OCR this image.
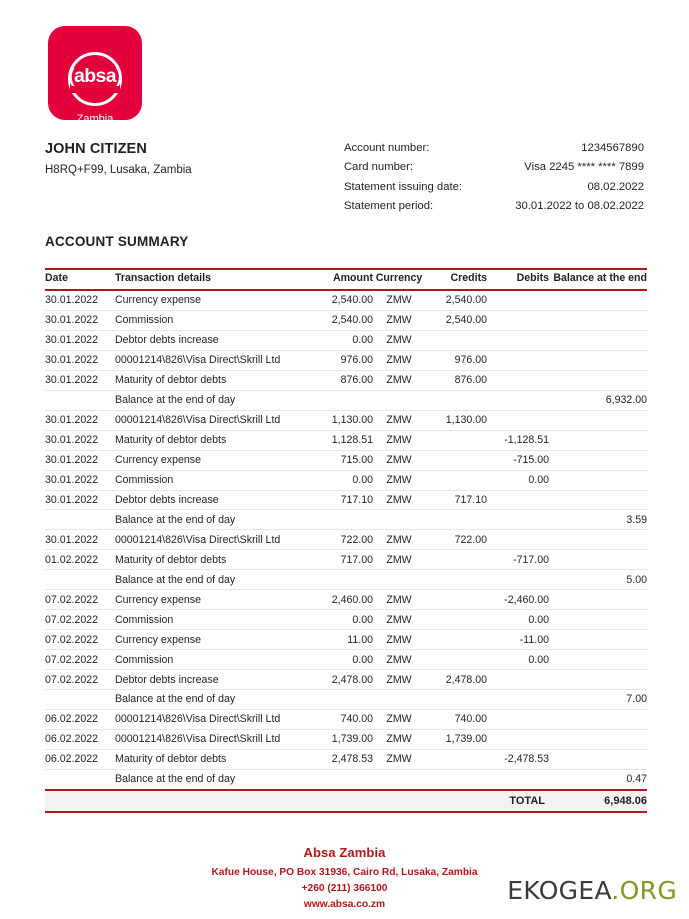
(absa)
Zambia
JOHN CITIZEN
H8RQ+F99, Lusaka, Zambia
Account number:	1234567890
Card number:	Visa 2245 **** **** 7899
Statement issuing date:	08.02.2022
Statement period:	30.01.2022 to 08.02.2022
ACCOUNT SUMMARY
Date	Transaction details	Amount	Currency	Credits	Debits	Balance at the end
30.01.2022	Currency expense	2,540.00	ZMW	2,540.00		
30.01.2022	Commission	2,540.00	ZMW	2,540.00		
30.01.2022	Debtor debts increase	0.00	ZMW			
30.01.2022	00001214\826\Visa Direct\Skrill Ltd	976.00	ZMW	976.00		
30.01.2022	Maturity of debtor debts	876.00	ZMW	876.00		
	Balance at the end of day					6,932.00
30.01.2022	00001214\826\Visa Direct\Skrill Ltd	1,130.00	ZMW	1,130.00		
30.01.2022	Maturity of debtor debts	1,128.51	ZMW		-1,128.51	
30.01.2022	Currency expense	715.00	ZMW		-715.00	
30.01.2022	Commission	0.00	ZMW		0.00	
30.01.2022	Debtor debts increase	717.10	ZMW	717.10		
	Balance at the end of day					3.59
30.01.2022	00001214\826\Visa Direct\Skrill Ltd	722.00	ZMW	722.00		
01.02.2022	Maturity of debtor debts	717.00	ZMW		-717.00	
	Balance at the end of day					5.00
07.02.2022	Currency expense	2,460.00	ZMW		-2,460.00	
07.02.2022	Commission	0.00	ZMW		0.00	
07.02.2022	Currency expense	11.00	ZMW		-11.00	
07.02.2022	Commission	0.00	ZMW		0.00	
07.02.2022	Debtor debts increase	2,478.00	ZMW	2,478.00		
	Balance at the end of day					7.00
06.02.2022	00001214\826\Visa Direct\Skrill Ltd	740.00	ZMW	740.00		
06.02.2022	00001214\826\Visa Direct\Skrill Ltd	1,739.00	ZMW	1,739.00		
06.02.2022	Maturity of debtor debts	2,478.53	ZMW		-2,478.53	
	Balance at the end of day					0.47
					TOTAL	6,948.06
Absa Zambia
Kafue House, PO Box 31936, Cairo Rd, Lusaka, Zambia
+260 (211) 366100
www.absa.co.zm	EKOGEA.ORG
